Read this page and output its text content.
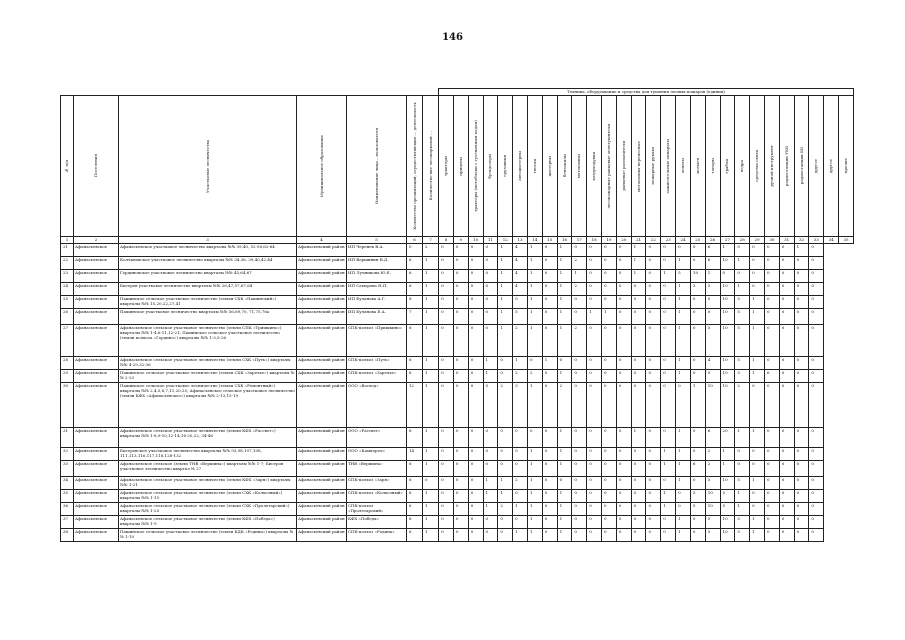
146
							Техника, оборудование и средства для тушения лесных пожаров (единиц)																											

№ п/п	Поселения	Участковые лесничества	Муниципальное образование	Наименование лица – пользователя	Количество организаций, осуществляющих … деятельность	Количество вне лесопарковой …	тракторы	прицепы	тракторы (мотоблоки с гусеничным ходом)	бульдозеры	грузовики	автоцистерны	тягачи	цистерны	бензопилы	мотопомпы	воздуходувки	лесопожарные ранцевые огнетушители	ранцевые распылители	мотопомпы переносные	пожарные рукава	зажигательные аппараты	лопаты	мотыги	топоры	грабли	ведра	средства связи	ручной инструмент	радиостанции УКВ	радиостанции КВ	другое	другое	прочие

1	2	3	4	5	6	7	8	9	10	11	12	13	14	15	16	17	18	19	20	21	22	23	24	25	26	27	28	29	30	31	32	33	34	35
21	Афанасьевское	Афанасьевское участковое лесничество кварталы №№ 39,40, 52-58,62-64	Афанасьевский район	ИП Черенев В.А.	0	2	0	0	0	0	1	4	1	0	1	0	0	0	0	1	0	0	0	0	6	1	0	0	0	0	1	0		
22	Афанасьевское	Колчановское участковое лесничество кварталы №№ 34,36, 39,40,42,44	Афанасьевский район	ИП Вершинин В.Д.	6	1	0	0	0	0	1	4	1	0	1	2	0	0	0	1	0	0	1	0	6	10	1	0	0	0	0	0		
23	Афанасьевское	Гординовское участковое лесничество кварталы №№ 45,64,67	Афанасьевский район	ИП Лучникова Ю.Е.	6	1	0	0	0	0	1	4	1	0	1	1	0	0	0	1	0	1	5	10	1	0	0	0	0	0	0	0		
24	Афанасьевское	Бисеров участковое лесничество кварталы №№ 28,47,57,67,64	Афанасьевский район	ИП Саморова Н.П.	6	1	0	0	0	0	1	4	1	0	1	2	0	0	0	0	0	0	1	3	5	10	1	0	0	0	0	0		
25	Афанасьевское	Пашинское сельское участковое лесничество (земли СХК «Пашинский») кварталы №№ 15,20,22,27,41	Афанасьевский район	ИП Буланова А.Г.	8	1	0	0	0	0	1	0	1	0	1	0	0	0	0	0	0	0	1	0	0	10	5	1	0	0	0	0		
26	Афанасьевское	Пашинское участковое лесничество кварталы №№ 56,69,70, 71,75,76а	Афанасьевский район	ИП Буланова Е.А.	7	1	0	0	0	0	1	5	1	0	1	0	1	1	0	0	0	0	1	0	0	10	5	1	0	0	0	0		
27	Афанасьевское	Афанасьевское сельское участковое лесничество (земли СПК «Тришкино») кварталы №№ 1-4,6-11,12-21; Пашинское сельское участковое лесничество (земли колхоза «Гордино») кварталы №№ 1-3,5-26	Афанасьевский район	СПК-колхоз «Пришкино»	6	1	0	0	0	0	1	2	1	0	1	2	0	0	0	0	0	0	1	0	5	10	5	1	0	0	0	0		
28	Афанасьевское	Афанасьевское сельское участковое лесничество (земли СХК «Путь») кварталы №№ 4-29,32-36	Афанасьевский район	СПК-колхоз «Путь»	6	1	0	0	0	1	0	1	0	1	0	0	0	0	0	0	0	0	1	0	4	10	5	1	0	0	0	0		
29	Афанасьевское	Пашинское сельское участковое лесничество (земли СХК «Заречье») кварталы №№ 2-23	Афанасьевский район	СПК-колхоз «Заречье»	6	1	0	0	0	1	0	2	2	0	1	0	0	0	0	0	0	0	1	0	5	10	5	1	6	0	0	0		
30	Афанасьевское	Пашинское сельское участковое лесничество (земли СХК «Ремонтный») кварталы №№ 2,4,5,6,7,11,20,25; Афанасьевское сельское участковое лесничество (земли КФХ «Афанасьевское») кварталы №№ 2-13,15-19	Афанасьевский район	ООО «Восход»	12	1	0	0	0	5	2	3	1	0	2	0	0	0	0	0	0	0	0	1	10	10	2	0	0	0	0	0		
31	Афанасьевское	Афанасьевское сельское участковое лесничество (земли КФХ «Рассвет») кварталы №№ 1-8,9-10,12-14,16-20,22, 34-46	Афанасьевский район	ООО «Рассвет»	8	1	0	0	0	0	0	0	0	0	1	0	0	0	0	1	0	0	1	0	6	20	1	1	0	0	0	0		
32	Афанасьевское	Бисеровское участковое лесничество кварталы №№ 93,98,107,108, 111,113,116,117,118,128-132	Афанасьевский район	ООО «Камкороч»	14	1	0	0	0	0	0	0	1	0	1	0	0	0	0	0	0	1	1	5	2	1	0	0	0	0	0	0		
33	Афанасьевское	Афанасьевское сельское (земли ТНВ «Вершина») кварталы №№ 1-7; Бисеров участковое лесничество квартал № 27	Афанасьевский район	ТНВ «Вершина»	6	1	0	0	0	0	0	0	1	0	1	0	0	0	0	0	0	1	1	6	2	1	0	0	0	0	0	0		
34	Афанасьевское	Афанасьевское сельское участковое лесничество (земли КФХ «Заря») кварталы №№ 1-21	Афанасьевский район	СПК-колхоз «Заря»	6	0	0	0	0	1	1	2	1	0	0	0	0	0	0	0	0	0	1	0	5	10	5	1	0	0	0	0		
35	Афанасьевское	Афанасьевское сельское участковое лесничество (земли СХК «Колхозный») кварталы №№ 1-15	Афанасьевский район	СПК-колхоз «Колхозный»	6	1	0	0	0	1	1	0	1	0	1	0	0	0	0	0	0	1	0	5	10	5	1	0	0	0	0	0		
36	Афанасьевское	Афанасьевское сельское участковое лесничество (земли СХК «Пролетарский») кварталы №№ 1-20	Афанасьевский район	СПК-колхоз «Пролетарский»	6	1	0	0	0	1	2	1	1	0	1	0	0	0	0	0	0	1	0	5	10	5	1	0	0	0	0	0		
37	Афанасьевское	Афанасьевское сельское участковое лесничество (земли КФХ «Победа») кварталы №№ 1-9	Афанасьевский район	КФХ «Победа»	6	1	0	0	0	0	0	0	1	0	1	0	0	0	0	0	0	0	1	0	5	10	5	1	0	0	0	0		
38	Афанасьевское	Пашинское сельское участковое лесничество (земли КДК «Родина») кварталы №№ 1-10	Афанасьевский район	СПК-колхоз «Родина»	6	1	0	0	0	0	0	1	1	0	1	0	0	0	0	0	0	0	1	0	5	10	5	1	0	0	0	0		
